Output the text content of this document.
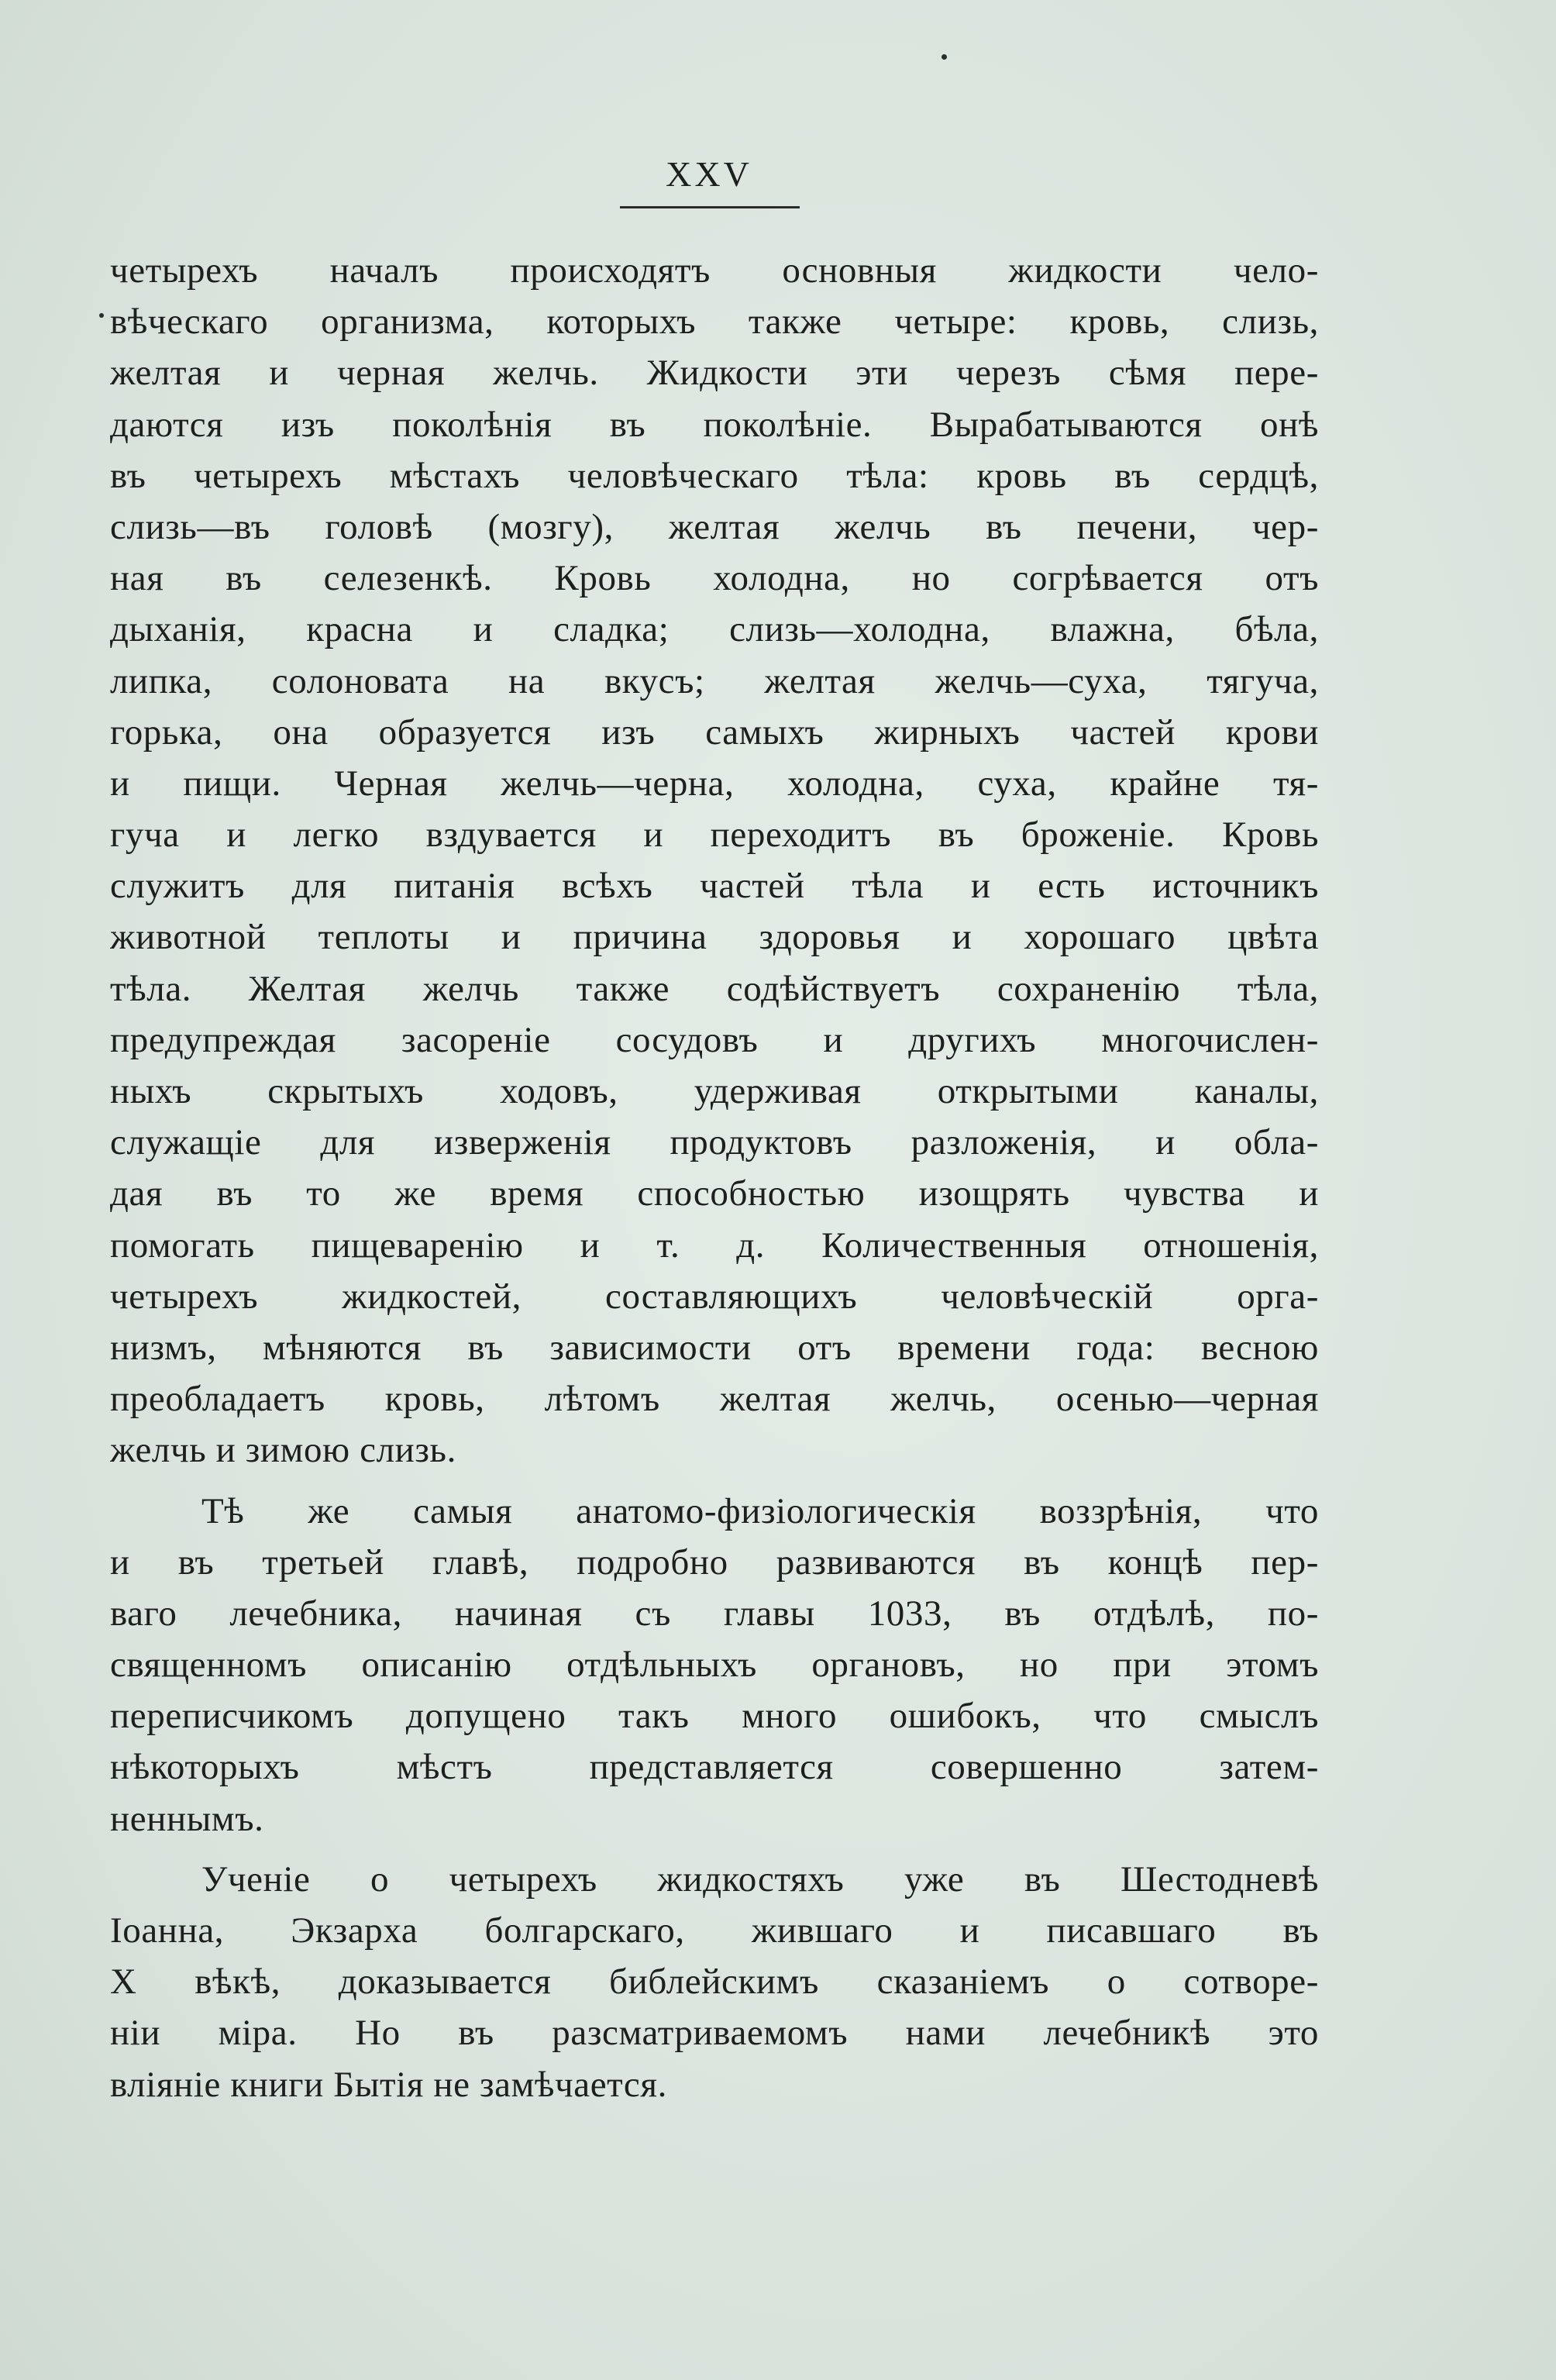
XXV
четырехъ началъ происходятъ основныя жидкости чело-
вѣческаго организма, которыхъ также четыре: кровь, слизь,
желтая и черная желчь. Жидкости эти черезъ сѣмя пере-
даются изъ поколѣнія въ поколѣніе. Вырабатываются онѣ
въ четырехъ мѣстахъ человѣческаго тѣла: кровь въ сердцѣ,
слизь—въ головѣ (мозгу), желтая желчь въ печени, чер-
ная въ селезенкѣ. Кровь холодна, но согрѣвается отъ
дыханія, красна и сладка; слизь—холодна, влажна, бѣла,
липка, солоновата на вкусъ; желтая желчь—суха, тягуча,
горька, она образуется изъ самыхъ жирныхъ частей крови
и пищи. Черная желчь—черна, холодна, суха, крайне тя-
гуча и легко вздувается и переходитъ въ броженіе. Кровь
служитъ для питанія всѣхъ частей тѣла и есть источникъ
животной теплоты и причина здоровья и хорошаго цвѣта
тѣла. Желтая желчь также содѣйствуетъ сохраненію тѣла,
предупреждая засореніе сосудовъ и другихъ многочислен-
ныхъ скрытыхъ ходовъ, удерживая открытыми каналы,
служащіе для изверженія продуктовъ разложенія, и обла-
дая въ то же время способностью изощрять чувства и
помогать пищеваренію и т. д. Количественныя отношенія,
четырехъ жидкостей, составляющихъ человѣческій орга-
низмъ, мѣняются въ зависимости отъ времени года: весною
преобладаетъ кровь, лѣтомъ желтая желчь, осенью—черная
желчь и зимою слизь.
Тѣ же самыя анатомо-физіологическія воззрѣнія, что
и въ третьей главѣ, подробно развиваются въ концѣ пер-
ваго лечебника, начиная съ главы 1033, въ отдѣлѣ, по-
священномъ описанію отдѣльныхъ органовъ, но при этомъ
переписчикомъ допущено такъ много ошибокъ, что смыслъ
нѣкоторыхъ мѣстъ представляется совершенно затем-
неннымъ.
Ученіе о четырехъ жидкостяхъ уже въ Шестодневѣ
Іоанна, Экзарха болгарскаго, жившаго и писавшаго въ
X вѣкѣ, доказывается библейскимъ сказаніемъ о сотворе-
ніи міра. Но въ разсматриваемомъ нами лечебникѣ это
вліяніе книги Бытія не замѣчается.
